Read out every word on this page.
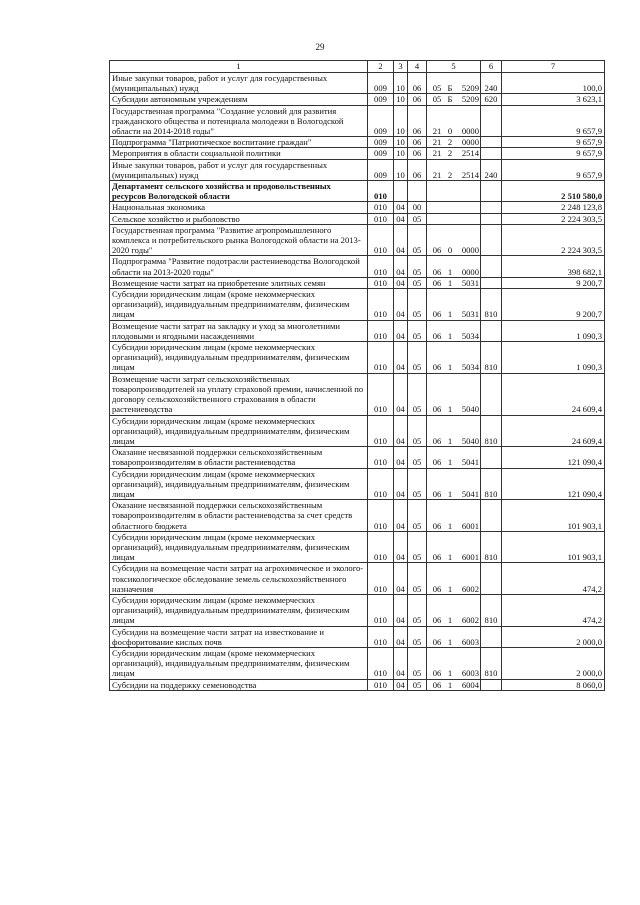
29
1	2	3	4	5	6	7
Иные закупки товаров, работ и услуг для государственных (муниципальных) нужд	009	10	06	05 Б 5209	240	100,0
Субсидии автономным учреждениям	009	10	06	05 Б 5209	620	3 623,1
Государственная программа "Создание условий для развития гражданского общества и потенциала молодежи в Вологодской области на 2014-2018 годы"	009	10	06	21 0 0000		9 657,9
Подпрограмма "Патриотическое воспитание граждан"	009	10	06	21 2 0000		9 657,9
Мероприятия в области социальной политики	009	10	06	21 2 2514		9 657,9
Иные закупки товаров, работ и услуг для государственных (муниципальных) нужд	009	10	06	21 2 2514	240	9 657,9
Департамент сельского хозяйства и продовольственных ресурсов Вологодской области	010					2 510 580,0
Национальная экономика	010	04	00			2 248 123,8
Сельское хозяйство и рыболовство	010	04	05			2 224 303,5
Государственная программа "Развитие агропромышленного комплекса и потребительского рынка Вологодской области на 2013-2020 годы"	010	04	05	06 0 0000		2 224 303,5
Подпрограмма "Развитие подотрасли растениеводства Вологодской области на 2013-2020 годы"	010	04	05	06 1 0000		398 682,1
Возмещение части затрат на приобретение элитных семян	010	04	05	06 1 5031		9 200,7
Субсидии юридическим лицам (кроме некоммерческих организаций), индивидуальным предпринимателям, физическим лицам	010	04	05	06 1 5031	810	9 200,7
Возмещение части затрат на закладку и уход за многолетними плодовыми и ягодными насаждениями	010	04	05	06 1 5034		1 090,3
Субсидии юридическим лицам (кроме некоммерческих организаций), индивидуальным предпринимателям, физическим лицам	010	04	05	06 1 5034	810	1 090,3
Возмещение части затрат сельскохозяйственных товаропроизводителей на уплату страховой премии, начисленной по договору сельскохозяйственного страхования в области растениеводства	010	04	05	06 1 5040		24 609,4
Субсидии юридическим лицам (кроме некоммерческих организаций), индивидуальным предпринимателям, физическим лицам	010	04	05	06 1 5040	810	24 609,4
Оказание несвязанной поддержки сельскохозяйственным товаропроизводителям в области растениеводства	010	04	05	06 1 5041		121 090,4
Субсидии юридическим лицам (кроме некоммерческих организаций), индивидуальным предпринимателям, физическим лицам	010	04	05	06 1 5041	810	121 090,4
Оказание несвязанной поддержки сельскохозяйственным товаропроизводителям в области растениеводства за счет средств областного бюджета	010	04	05	06 1 6001		101 903,1
Субсидии юридическим лицам (кроме некоммерческих организаций), индивидуальным предпринимателям, физическим лицам	010	04	05	06 1 6001	810	101 903,1
Субсидии на возмещение части затрат на агрохимическое и эколого-токсикологическое обследование земель сельскохозяйственного назначения	010	04	05	06 1 6002		474,2
Субсидии юридическим лицам (кроме некоммерческих организаций), индивидуальным предпринимателям, физическим лицам	010	04	05	06 1 6002	810	474,2
Субсидии на возмещение части затрат на известкование и фосфоритование кислых почв	010	04	05	06 1 6003		2 000,0
Субсидии юридическим лицам (кроме некоммерческих организаций), индивидуальным предпринимателям, физическим лицам	010	04	05	06 1 6003	810	2 000,0
Субсидии на поддержку семеноводства	010	04	05	06 1 6004		8 060,0
